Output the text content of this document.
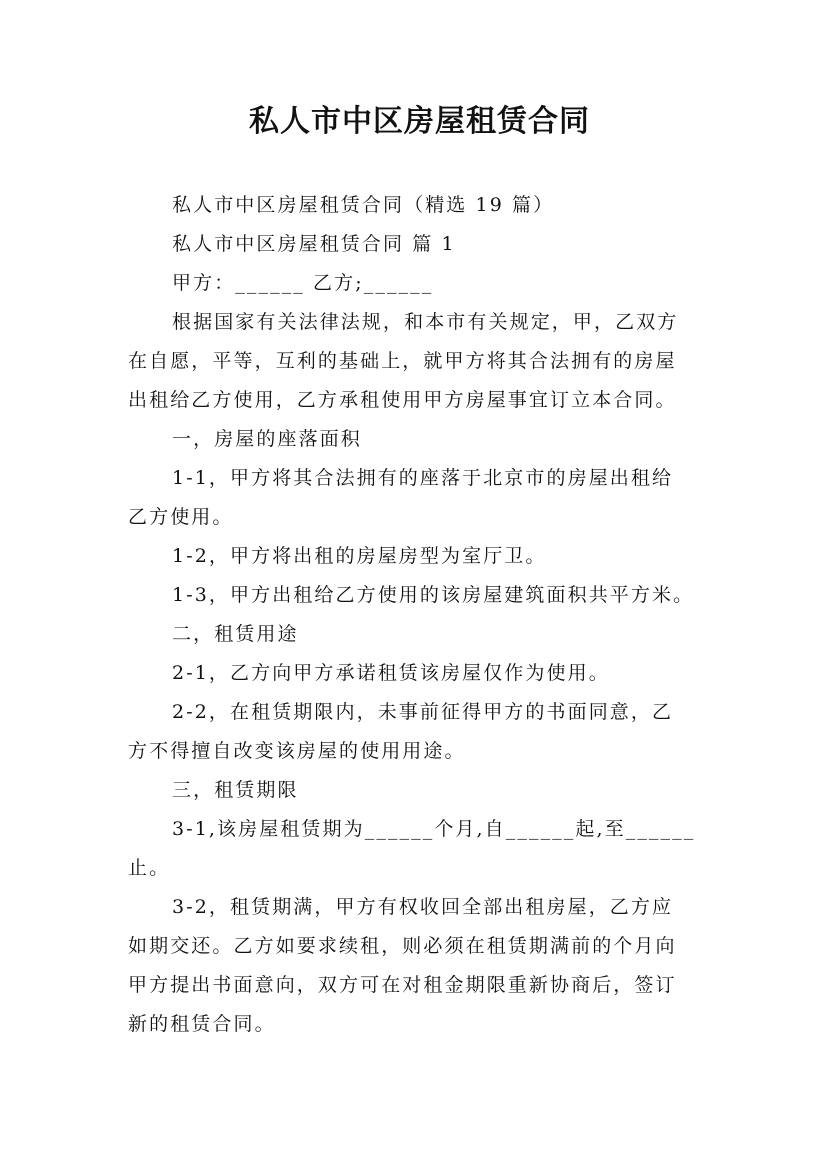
私人市中区房屋租赁合同

私人市中区房屋租赁合同（精选 19 篇）

私人市中区房屋租赁合同 篇 1

甲方：______ 乙方;______

根据国家有关法律法规，和本市有关规定，甲，乙双方

在自愿，平等，互利的基础上，就甲方将其合法拥有的房屋

出租给乙方使用，乙方承租使用甲方房屋事宜订立本合同。

一，房屋的座落面积

1-1，甲方将其合法拥有的座落于北京市的房屋出租给

乙方使用。

1-2，甲方将出租的房屋房型为室厅卫。

1-3，甲方出租给乙方使用的该房屋建筑面积共平方米。

二，租赁用途

2-1，乙方向甲方承诺租赁该房屋仅作为使用。

2-2，在租赁期限内，未事前征得甲方的书面同意，乙

方不得擅自改变该房屋的使用用途。

三，租赁期限

3-1,该房屋租赁期为______个月,自______起,至______

止。

3-2，租赁期满，甲方有权收回全部出租房屋，乙方应

如期交还。乙方如要求续租，则必须在租赁期满前的个月向

甲方提出书面意向，双方可在对租金期限重新协商后，签订

新的租赁合同。
